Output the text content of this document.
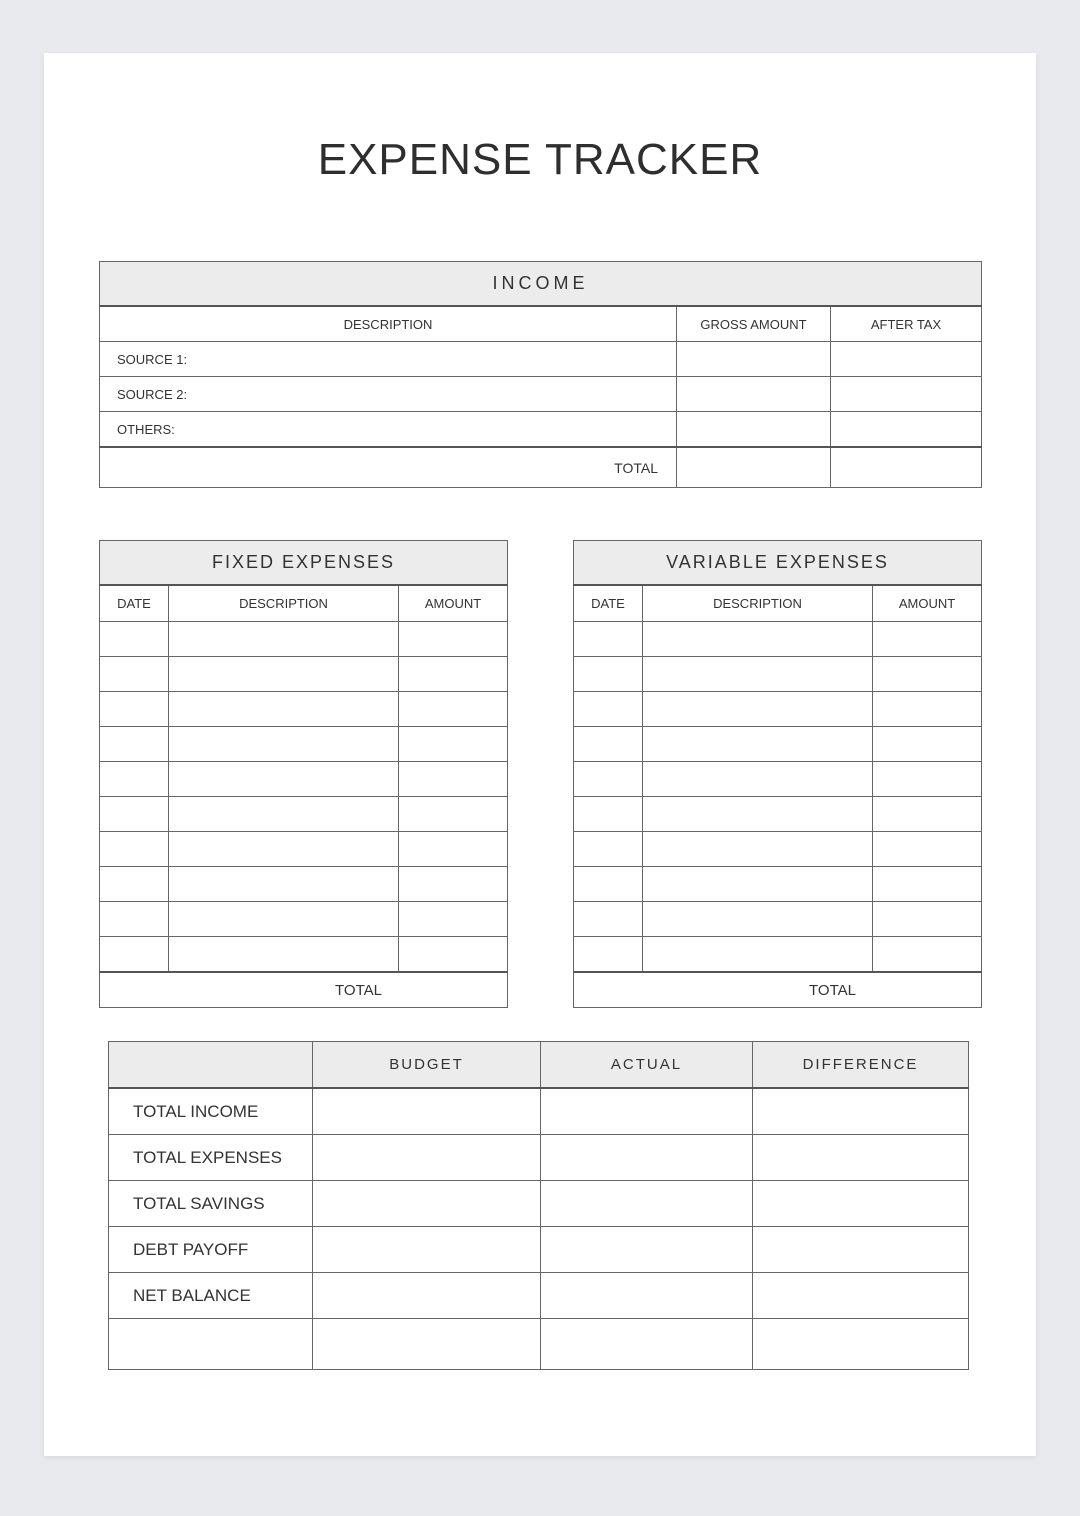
EXPENSE TRACKER
INCOME		
DESCRIPTION	GROSS AMOUNT	AFTER TAX
SOURCE 1:		
SOURCE 2:		
OTHERS:		
TOTAL		
FIXED EXPENSES		
DATE	DESCRIPTION	AMOUNT

TOTAL		
VARIABLE EXPENSES		
DATE	DESCRIPTION	AMOUNT

TOTAL		
	BUDGET	ACTUAL	DIFFERENCE
TOTAL INCOME			
TOTAL EXPENSES			
TOTAL SAVINGS			
DEBT PAYOFF			
NET BALANCE			
